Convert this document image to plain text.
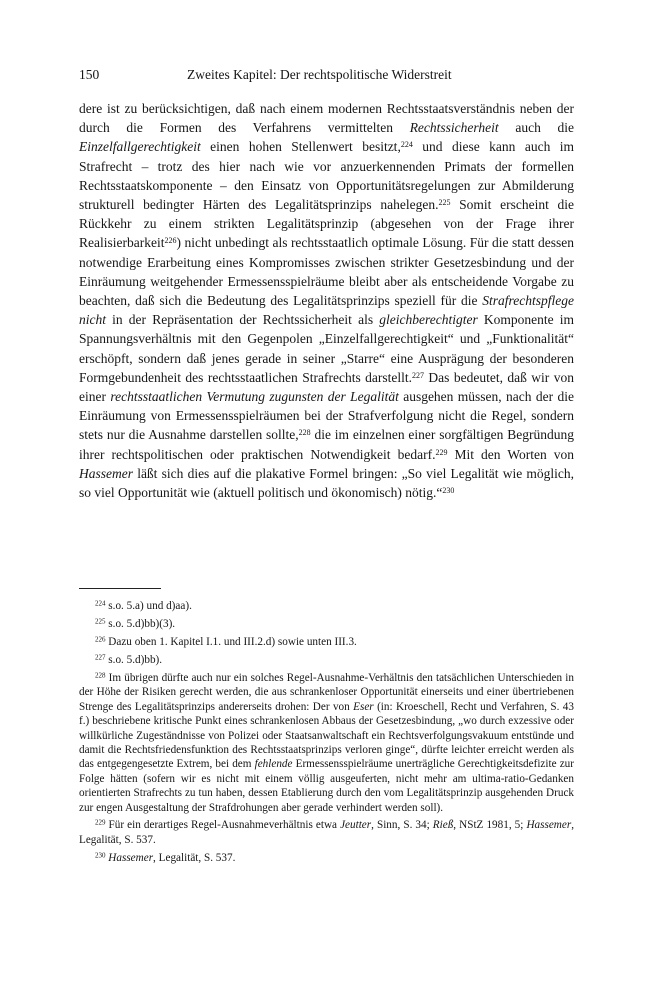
150	Zweites Kapitel: Der rechtspolitische Widerstreit

dere ist zu berücksichtigen, daß nach einem modernen Rechtsstaatsverständnis neben der durch die Formen des Verfahrens vermittelten Rechtssicherheit auch die Einzelfallgerechtigkeit einen hohen Stellenwert besitzt,$^{224}$ und diese kann auch im Strafrecht – trotz des hier nach wie vor anzuerkennenden Primats der formellen Rechtsstaatskomponente – den Einsatz von Opportunitätsregelungen zur Abmilderung strukturell bedingter Härten des Legalitätsprinzips nahelegen.$^{225}$ Somit erscheint die Rückkehr zu einem strikten Legalitätsprinzip (abgesehen von der Frage ihrer Realisierbarkeit$^{226}$) nicht unbedingt als rechtsstaatlich optimale Lösung. Für die statt dessen notwendige Erarbeitung eines Kompromisses zwischen strikter Gesetzesbindung und der Einräumung weitgehender Ermessensspielräume bleibt aber als entscheidende Vorgabe zu beachten, daß sich die Bedeutung des Legalitätsprinzips speziell für die Strafrechtspflege nicht in der Repräsentation der Rechtssicherheit als gleichberechtigter Komponente im Spannungsverhältnis mit den Gegenpolen „Einzelfallgerechtigkeit“ und „Funktionalität“ erschöpft, sondern daß jenes gerade in seiner „Starre“ eine Ausprägung der besonderen Formgebundenheit des rechtsstaatlichen Strafrechts darstellt.$^{227}$ Das bedeutet, daß wir von einer rechtsstaatlichen Vermutung zugunsten der Legalität ausgehen müssen, nach der die Einräumung von Ermessensspielräumen bei der Strafverfolgung nicht die Regel, sondern stets nur die Ausnahme darstellen sollte,$^{228}$ die im einzelnen einer sorgfältigen Begründung ihrer rechtspolitischen oder praktischen Notwendigkeit bedarf.$^{229}$ Mit den Worten von Hassemer läßt sich dies auf die plakative Formel bringen: „So viel Legalität wie möglich, so viel Opportunität wie (aktuell politisch und ökonomisch) nötig.“$^{230}$

$^{224}$ s.o. 5.a) und d)aa).

$^{225}$ s.o. 5.d)bb)(3).

$^{226}$ Dazu oben 1. Kapitel I.1. und III.2.d) sowie unten III.3.

$^{227}$ s.o. 5.d)bb).

$^{228}$ Im übrigen dürfte auch nur ein solches Regel-Ausnahme-Verhältnis den tatsächlichen Unterschieden in der Höhe der Risiken gerecht werden, die aus schrankenloser Opportunität einerseits und einer übertriebenen Strenge des Legalitätsprinzips andererseits drohen: Der von Eser (in: Kroeschell, Recht und Verfahren, S. 43 f.) beschriebene kritische Punkt eines schrankenlosen Abbaus der Gesetzesbindung, „wo durch exzessive oder willkürliche Zugeständnisse von Polizei oder Staatsanwaltschaft ein Rechtsverfolgungsvakuum entstünde und damit die Rechtsfriedensfunktion des Rechtsstaatsprinzips verloren ginge“, dürfte leichter erreicht werden als das entgegengesetzte Extrem, bei dem fehlende Ermessensspielräume unerträgliche Gerechtigkeitsdefizite zur Folge hätten (sofern wir es nicht mit einem völlig ausgeuferten, nicht mehr am ultima-ratio-Gedanken orientierten Strafrechts zu tun haben, dessen Etablierung durch den vom Legalitätsprinzip ausgehenden Druck zur engen Ausgestaltung der Strafdrohungen aber gerade verhindert werden soll).

$^{229}$ Für ein derartiges Regel-Ausnahmeverhältnis etwa Jeutter, Sinn, S. 34; Rieß, NStZ 1981, 5; Hassemer, Legalität, S. 537.

$^{230}$ Hassemer, Legalität, S. 537.
